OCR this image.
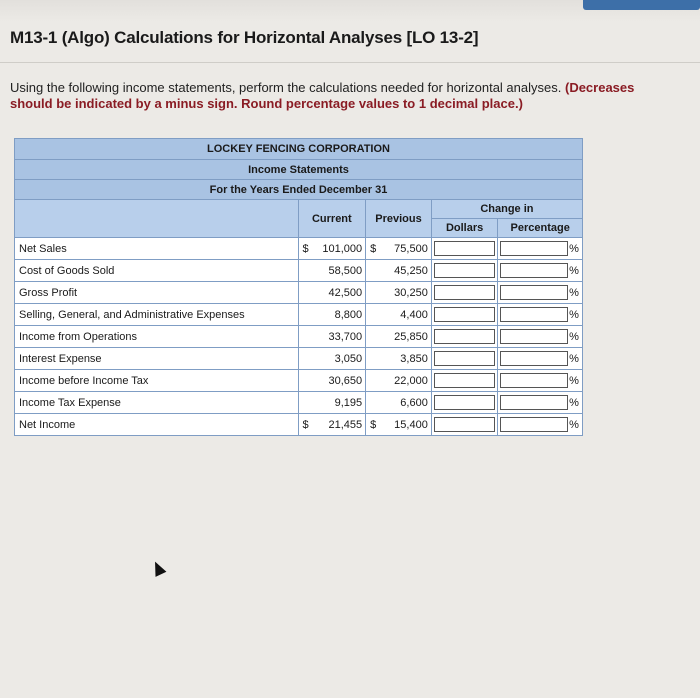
M13-1 (Algo) Calculations for Horizontal Analyses [LO 13-2]

Using the following income statements, perform the calculations needed for horizontal analyses. (Decreases should be indicated by a minus sign. Round percentage values to 1 decimal place.)

LOCKEY FENCING CORPORATION				
Income Statements				
For the Years Ended December 31				
	Current	Previous	Change in	
			Dollars	Percentage
Net Sales	$ 101,000	$ 75,500		%

Cost of Goods Sold	58,500	45,250		%

Gross Profit	42,500	30,250		%

Selling, General, and Administrative Expenses	8,800	4,400		%

Income from Operations	33,700	25,850		%

Interest Expense	3,050	3,850		%

Income before Income Tax	30,650	22,000		%

Income Tax Expense	9,195	6,600		%

Net Income	$ 21,455	$ 15,400		%
